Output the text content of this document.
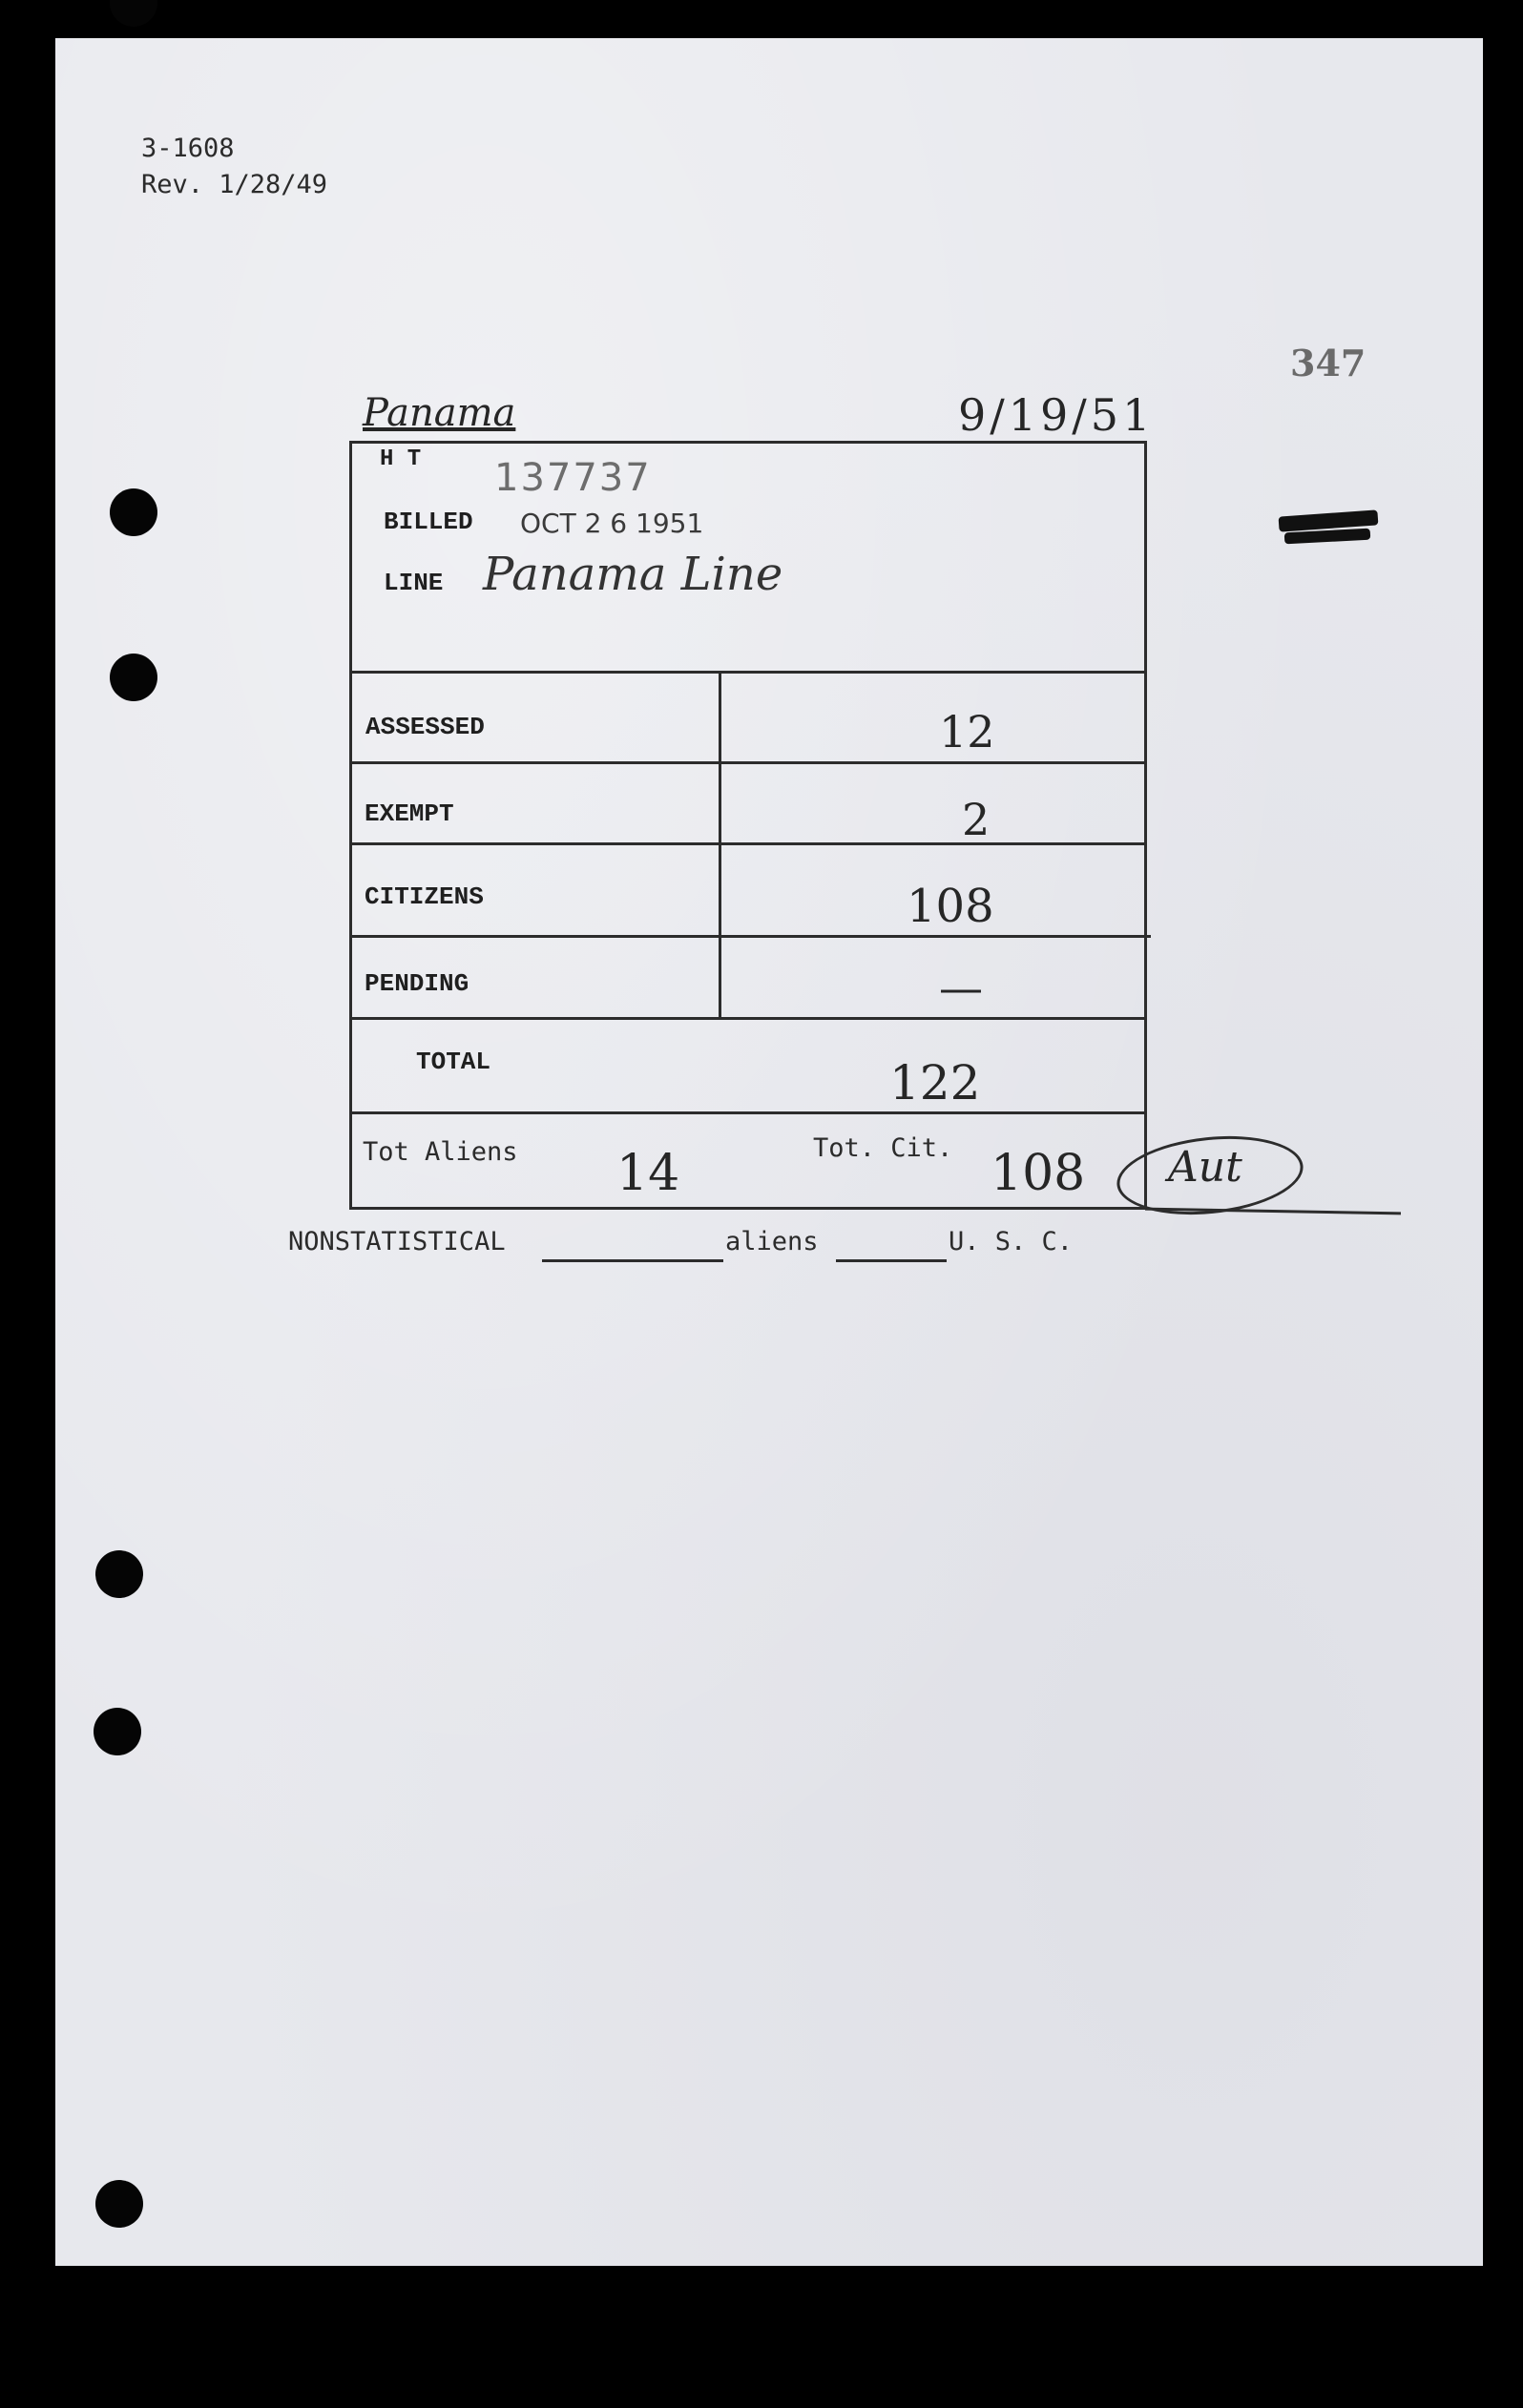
3-1608
Rev. 1/28/49
347
Panama	9/19/51
H T 137737
BILLED OCT 2 6 1951
LINE Panama Line
ASSESSED	12
EXEMPT	2
CITIZENS	108
PENDING	—
TOTAL	122
Tot Aliens 14	Tot. Cit. 108 Aut
NONSTATISTICAL	aliens	U. S. C.
